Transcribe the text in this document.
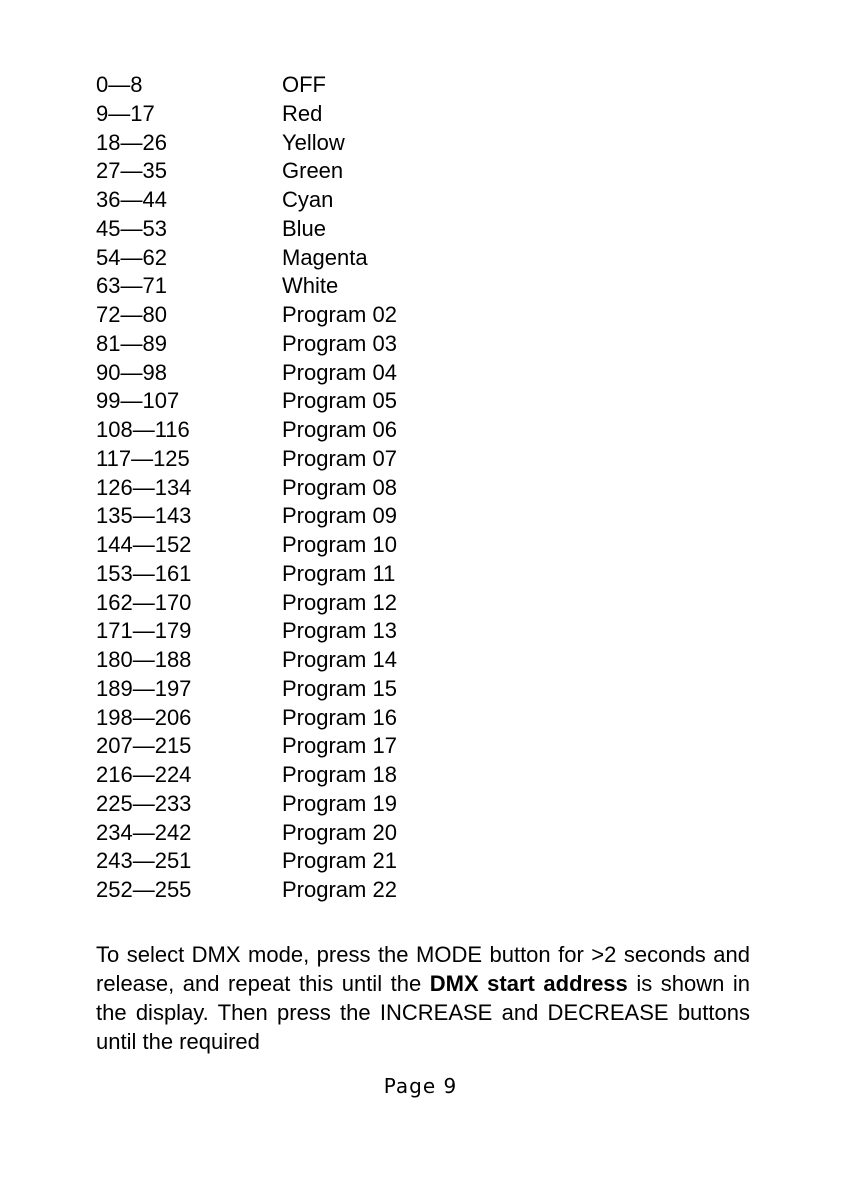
0—8	OFF
9—17	Red
18—26	Yellow
27—35	Green
36—44	Cyan
45—53	Blue
54—62	Magenta
63—71	White
72—80	Program 02
81—89	Program 03
90—98	Program 04
99—107	Program 05
108—116	Program 06
117—125	Program 07
126—134	Program 08
135—143	Program 09
144—152	Program 10
153—161	Program 11
162—170	Program 12
171—179	Program 13
180—188	Program 14
189—197	Program 15
198—206	Program 16
207—215	Program 17
216—224	Program 18
225—233	Program 19
234—242	Program 20
243—251	Program 21
252—255	Program 22

To select DMX mode, press the MODE button for >2 seconds and release, and repeat this until the DMX start address is shown in the display. Then press the INCREASE and DECREASE buttons until the required

Page 9
